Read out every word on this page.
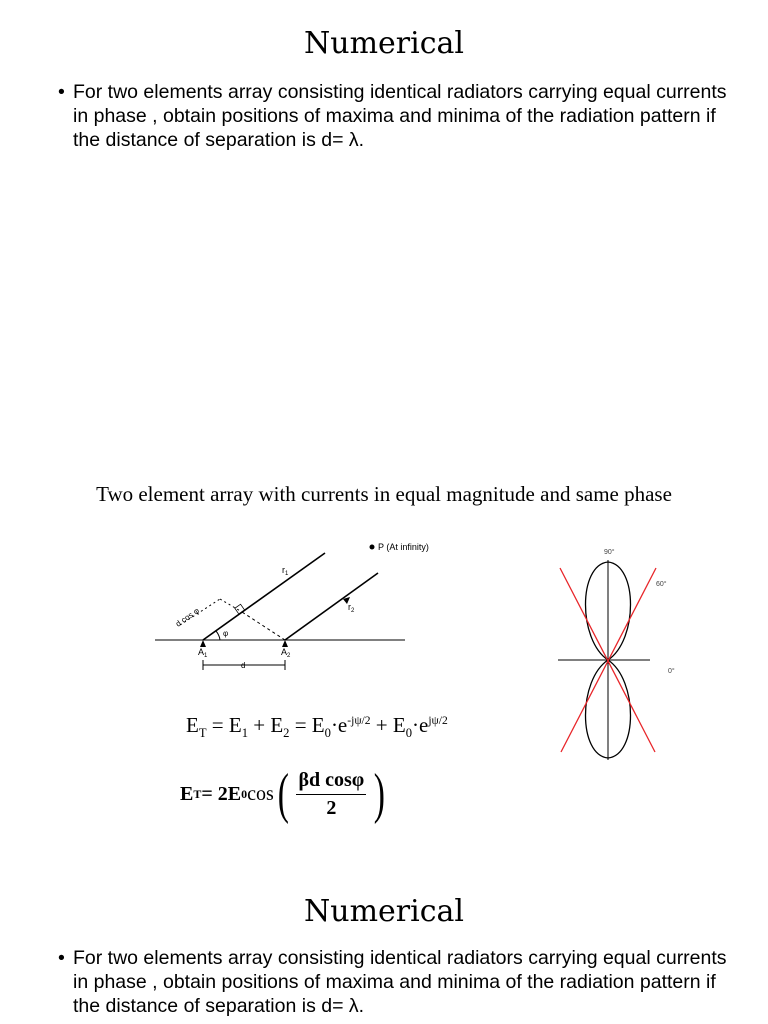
Numerical
• For two elements array consisting identical radiators carrying equal currents in phase , obtain positions of maxima and minima of the radiation pattern if the distance of separation is d= λ.
Two element array with currents in equal magnitude and same phase
P (At infinity)
$r_1$
$r_2$
$A_1$	$A_2$
d
d cos φ
φ
90°
60°
0°
$E_T = E_1 + E_2 = E_0\cdot e^{-j\psi/2} + E_0\cdot e^{j\psi/2}$
E T = 2E 0 cos ( $\frac{\text{βd cosφ}}{2}$ )
Numerical
• For two elements array consisting identical radiators carrying equal currents in phase , obtain positions of maxima and minima of the radiation pattern if the distance of separation is d= λ.
